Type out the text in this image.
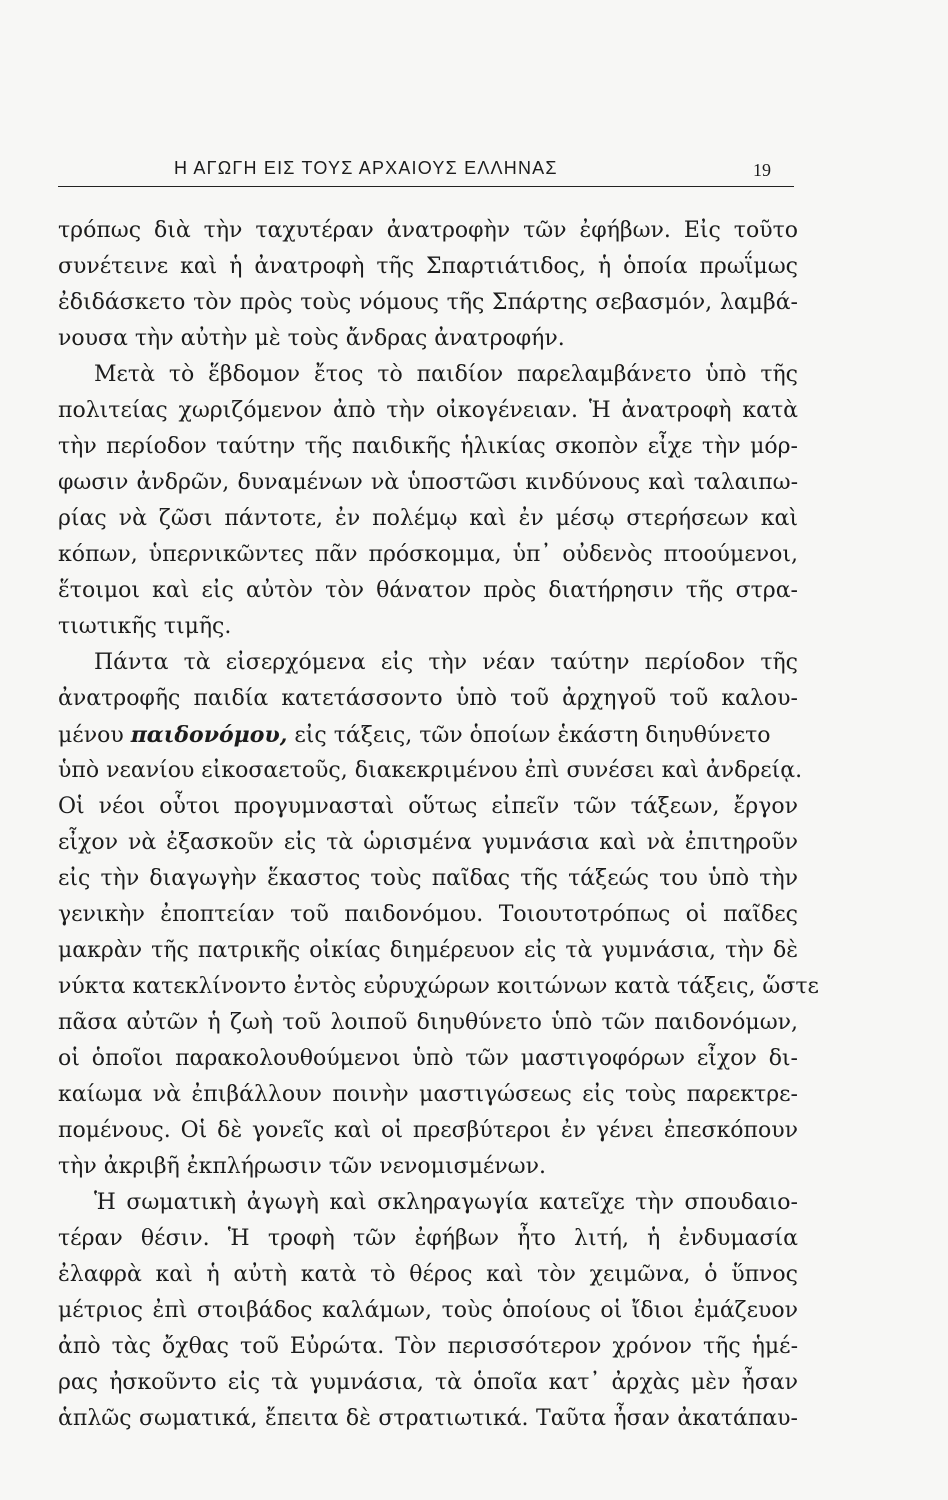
Η ΑΓΩΓΗ ΕΙΣ ΤΟΥΣ ΑΡΧΑΙΟΥΣ ΕΛΛΗΝΑΣ	19
τρόπως διὰ τὴν ταχυτέραν ἀνατροφὴν τῶν ἐφήβων. Εἰς τοῦτο
συνέτεινε καὶ ἡ ἀνατροφὴ τῆς Σπαρτιάτιδος, ἡ ὁποία πρωΐμως
ἐδιδάσκετο τὸν πρὸς τοὺς νόμους τῆς Σπάρτης σεβασμόν, λαμβά-
νουσα τὴν αὐτὴν μὲ τοὺς ἄνδρας ἀνατροφήν.
Μετὰ τὸ ἕβδομον ἔτος τὸ παιδίον παρελαμβάνετο ὑπὸ τῆς
πολιτείας χωριζόμενον ἀπὸ τὴν οἰκογένειαν. Ἡ ἀνατροφὴ κατὰ
τὴν περίοδον ταύτην τῆς παιδικῆς ἡλικίας σκοπὸν εἶχε τὴν μόρ-
φωσιν ἀνδρῶν, δυναμένων νὰ ὑποστῶσι κινδύνους καὶ ταλαιπω-
ρίας νὰ ζῶσι πάντοτε, ἐν πολέμῳ καὶ ἐν μέσῳ στερήσεων καὶ
κόπων, ὑπερνικῶντες πᾶν πρόσκομμα, ὑπ᾽ οὐδενὸς πτοούμενοι,
ἕτοιμοι καὶ εἰς αὐτὸν τὸν θάνατον πρὸς διατήρησιν τῆς στρα-
τιωτικῆς τιμῆς.
Πάντα τὰ εἰσερχόμενα εἰς τὴν νέαν ταύτην περίοδον τῆς
ἀνατροφῆς παιδία κατετάσσοντο ὑπὸ τοῦ ἀρχηγοῦ τοῦ καλου-
μένου παιδονόμου, εἰς τάξεις, τῶν ὁποίων ἑκάστη διηυθύνετο
ὑπὸ νεανίου εἰκοσαετοῦς, διακεκριμένου ἐπὶ συνέσει καὶ ἀνδρείᾳ.
Οἱ νέοι οὗτοι προγυμνασταὶ οὕτως εἰπεῖν τῶν τάξεων, ἔργον
εἶχον νὰ ἐξασκοῦν εἰς τὰ ὡρισμένα γυμνάσια καὶ νὰ ἐπιτηροῦν
εἰς τὴν διαγωγὴν ἕκαστος τοὺς παῖδας τῆς τάξεώς του ὑπὸ τὴν
γενικὴν ἐποπτείαν τοῦ παιδονόμου. Τοιουτοτρόπως οἱ παῖδες
μακρὰν τῆς πατρικῆς οἰκίας διημέρευον εἰς τὰ γυμνάσια, τὴν δὲ
νύκτα κατεκλίνοντο ἐντὸς εὐρυχώρων κοιτώνων κατὰ τάξεις, ὥστε
πᾶσα αὐτῶν ἡ ζωὴ τοῦ λοιποῦ διηυθύνετο ὑπὸ τῶν παιδονόμων,
οἱ ὁποῖοι παρακολουθούμενοι ὑπὸ τῶν μαστιγοφόρων εἶχον δι-
καίωμα νὰ ἐπιβάλλουν ποινὴν μαστιγώσεως εἰς τοὺς παρεκτρε-
πομένους. Οἱ δὲ γονεῖς καὶ οἱ πρεσβύτεροι ἐν γένει ἐπεσκόπουν
τὴν ἀκριβῆ ἐκπλήρωσιν τῶν νενομισμένων.
Ἡ σωματικὴ ἀγωγὴ καὶ σκληραγωγία κατεῖχε τὴν σπουδαιο-
τέραν θέσιν. Ἡ τροφὴ τῶν ἐφήβων ἦτο λιτή, ἡ ἐνδυμασία
ἐλαφρὰ καὶ ἡ αὐτὴ κατὰ τὸ θέρος καὶ τὸν χειμῶνα, ὁ ὕπνος
μέτριος ἐπὶ στοιβάδος καλάμων, τοὺς ὁποίους οἱ ἴδιοι ἐμάζευον
ἀπὸ τὰς ὄχθας τοῦ Εὐρώτα. Τὸν περισσότερον χρόνον τῆς ἡμέ-
ρας ἠσκοῦντο εἰς τὰ γυμνάσια, τὰ ὁποῖα κατ᾽ ἀρχὰς μὲν ἦσαν
ἁπλῶς σωματικά, ἔπειτα δὲ στρατιωτικά. Ταῦτα ἦσαν ἀκατάπαυ-
